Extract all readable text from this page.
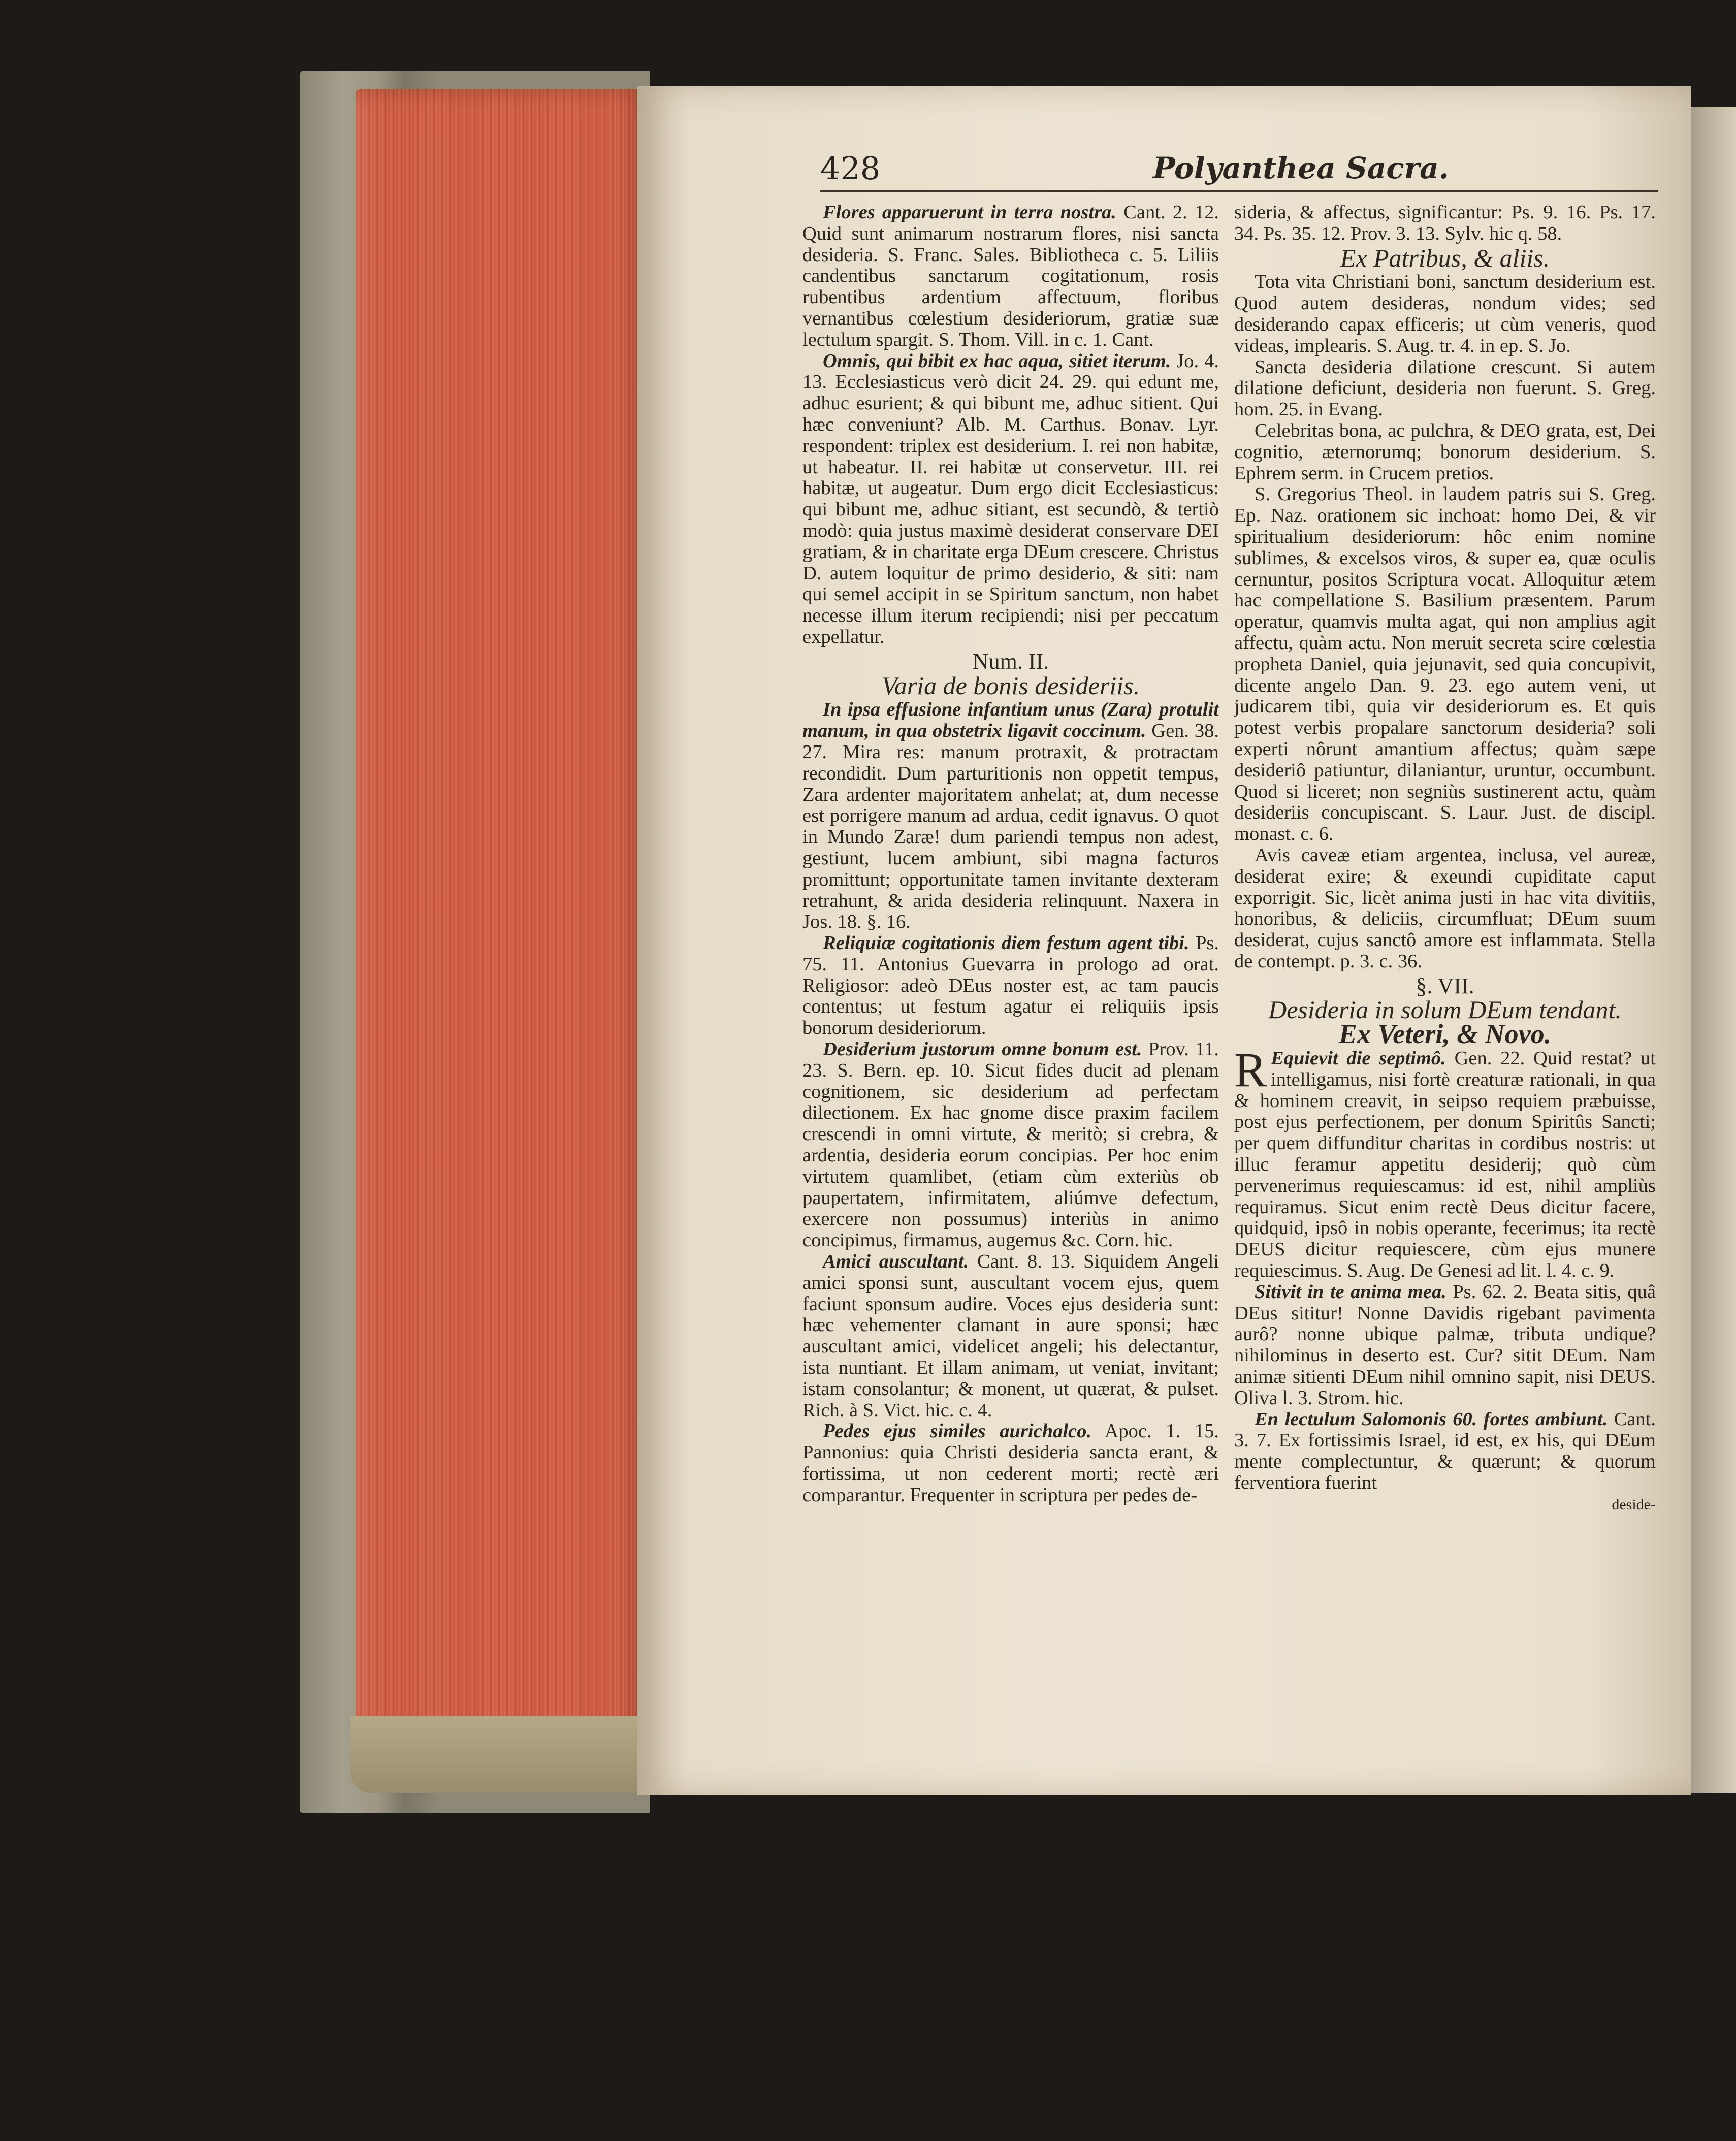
428	Polyanthea Sacra.

Flores apparuerunt in terra nostra. Cant. 2. 12. Quid sunt animarum nostrarum flores, nisi sancta desideria. S. Franc. Sales. Bibliotheca c. 5. Liliis candentibus sanctarum cogitationum, rosis rubentibus ardentium affectuum, floribus vernantibus cœlestium desideriorum, gratiæ suæ lectulum spargit. S. Thom. Vill. in c. 1. Cant.

Omnis, qui bibit ex hac aqua, sitiet iterum. Jo. 4. 13. Ecclesiasticus verò dicit 24. 29. qui edunt me, adhuc esurient; & qui bibunt me, adhuc sitient. Qui hæc conveniunt? Alb. M. Carthus. Bonav. Lyr. respondent: triplex est desiderium. I. rei non habitæ, ut habeatur. II. rei habitæ ut conservetur. III. rei habitæ, ut augeatur. Dum ergo dicit Ecclesiasticus: qui bibunt me, adhuc sitiant, est secundò, & tertiò modò: quia justus maximè desiderat conservare DEI gratiam, & in charitate erga DEum crescere. Christus D. autem loquitur de primo desiderio, & siti: nam qui semel accipit in se Spiritum sanctum, non habet necesse illum iterum recipiendi; nisi per peccatum expellatur.

Num. II.
Varia de bonis desideriis.

In ipsa effusione infantium unus (Zara) protulit manum, in qua obstetrix ligavit coccinum. Gen. 38. 27. Mira res: manum protraxit, & protractam recondidit. Dum parturitionis non oppetit tempus, Zara ardenter majoritatem anhelat; at, dum necesse est porrigere manum ad ardua, cedit ignavus. O quot in Mundo Zaræ! dum pariendi tempus non adest, gestiunt, lucem ambiunt, sibi magna facturos promittunt; opportunitate tamen invitante dexteram retrahunt, & arida desideria relinquunt. Naxera in Jos. 18. §. 16.

Reliquiæ cogitationis diem festum agent tibi. Ps. 75. 11. Antonius Guevarra in prologo ad orat. Religiosor: adeò DEus noster est, ac tam paucis contentus; ut festum agatur ei reliquiis ipsis bonorum desideriorum.

Desiderium justorum omne bonum est. Prov. 11. 23. S. Bern. ep. 10. Sicut fides ducit ad plenam cognitionem, sic desiderium ad perfectam dilectionem. Ex hac gnome disce praxim facilem crescendi in omni virtute, & meritò; si crebra, & ardentia, desideria eorum concipias. Per hoc enim virtutem quamlibet, (etiam cùm exteriùs ob paupertatem, infirmitatem, aliúmve defectum, exercere non possumus) interiùs in animo concipimus, firmamus, augemus &c. Corn. hic.

Amici auscultant. Cant. 8. 13. Siquidem Angeli amici sponsi sunt, auscultant vocem ejus, quem faciunt sponsum audire. Voces ejus desideria sunt: hæc vehementer clamant in aure sponsi; hæc auscultant amici, videlicet angeli; his delectantur, ista nuntiant. Et illam animam, ut veniat, invitant; istam consolantur; & monent, ut quærat, & pulset. Rich. à S. Vict. hic. c. 4.

Pedes ejus similes aurichalco. Apoc. 1. 15. Pannonius: quia Christi desideria sancta erant, & fortissima, ut non cederent morti; rectè æri comparantur. Frequenter in scriptura per pedes de-

sideria, & affectus, significantur: Ps. 9. 16. Ps. 17. 34. Ps. 35. 12. Prov. 3. 13. Sylv. hic q. 58.

Ex Patribus, & aliis.

Tota vita Christiani boni, sanctum desiderium est. Quod autem desideras, nondum vides; sed desiderando capax efficeris; ut cùm veneris, quod videas, implearis. S. Aug. tr. 4. in ep. S. Jo.

Sancta desideria dilatione crescunt. Si autem dilatione deficiunt, desideria non fuerunt. S. Greg. hom. 25. in Evang.

Celebritas bona, ac pulchra, & DEO grata, est, Dei cognitio, æternorumq; bonorum desiderium. S. Ephrem serm. in Crucem pretios.

S. Gregorius Theol. in laudem patris sui S. Greg. Ep. Naz. orationem sic inchoat: homo Dei, & vir spiritualium desideriorum: hôc enim nomine sublimes, & excelsos viros, & super ea, quæ oculis cernuntur, positos Scriptura vocat. Alloquitur ætem hac compellatione S. Basilium præsentem. Parum operatur, quamvis multa agat, qui non amplius agit affectu, quàm actu. Non meruit secreta scire cœlestia propheta Daniel, quia jejunavit, sed quia concupivit, dicente angelo Dan. 9. 23. ego autem veni, ut judicarem tibi, quia vir desideriorum es. Et quis potest verbis propalare sanctorum desideria? soli experti nôrunt amantium affectus; quàm sæpe desideriô patiuntur, dilaniantur, uruntur, occumbunt. Quod si liceret; non segniùs sustinerent actu, quàm desideriis concupiscant. S. Laur. Just. de discipl. monast. c. 6.

Avis caveæ etiam argentea, inclusa, vel aureæ, desiderat exire; & exeundi cupiditate caput exporrigit. Sic, licèt anima justi in hac vita divitiis, honoribus, & deliciis, circumfluat; DEum suum desiderat, cujus sanctô amore est inflammata. Stella de contempt. p. 3. c. 36.

§. VII.
Desideria in solum DEum tendant.
Ex Veteri, & Novo.

R Equievit die septimô. Gen. 22. Quid restat? ut intelligamus, nisi fortè creaturæ rationali, in qua & hominem creavit, in seipso requiem præbuisse, post ejus perfectionem, per donum Spiritûs Sancti; per quem diffunditur charitas in cordibus nostris: ut illuc feramur appetitu desiderij; quò cùm pervenerimus requiescamus: id est, nihil ampliùs requiramus. Sicut enim rectè Deus dicitur facere, quidquid, ipsô in nobis operante, fecerimus; ita rectè DEUS dicitur requiescere, cùm ejus munere requiescimus. S. Aug. De Genesi ad lit. l. 4. c. 9.

Sitivit in te anima mea. Ps. 62. 2. Beata sitis, quâ DEus sititur! Nonne Davidis rigebant pavimenta aurô? nonne ubique palmæ, tributa undique? nihilominus in deserto est. Cur? sitit DEum. Nam animæ sitienti DEum nihil omnino sapit, nisi DEUS. Oliva l. 3. Strom. hic.

En lectulum Salomonis 60. fortes ambiunt. Cant. 3. 7. Ex fortissimis Israel, id est, ex his, qui DEum mente complectuntur, & quærunt; & quorum ferventiora fuerint

deside-
